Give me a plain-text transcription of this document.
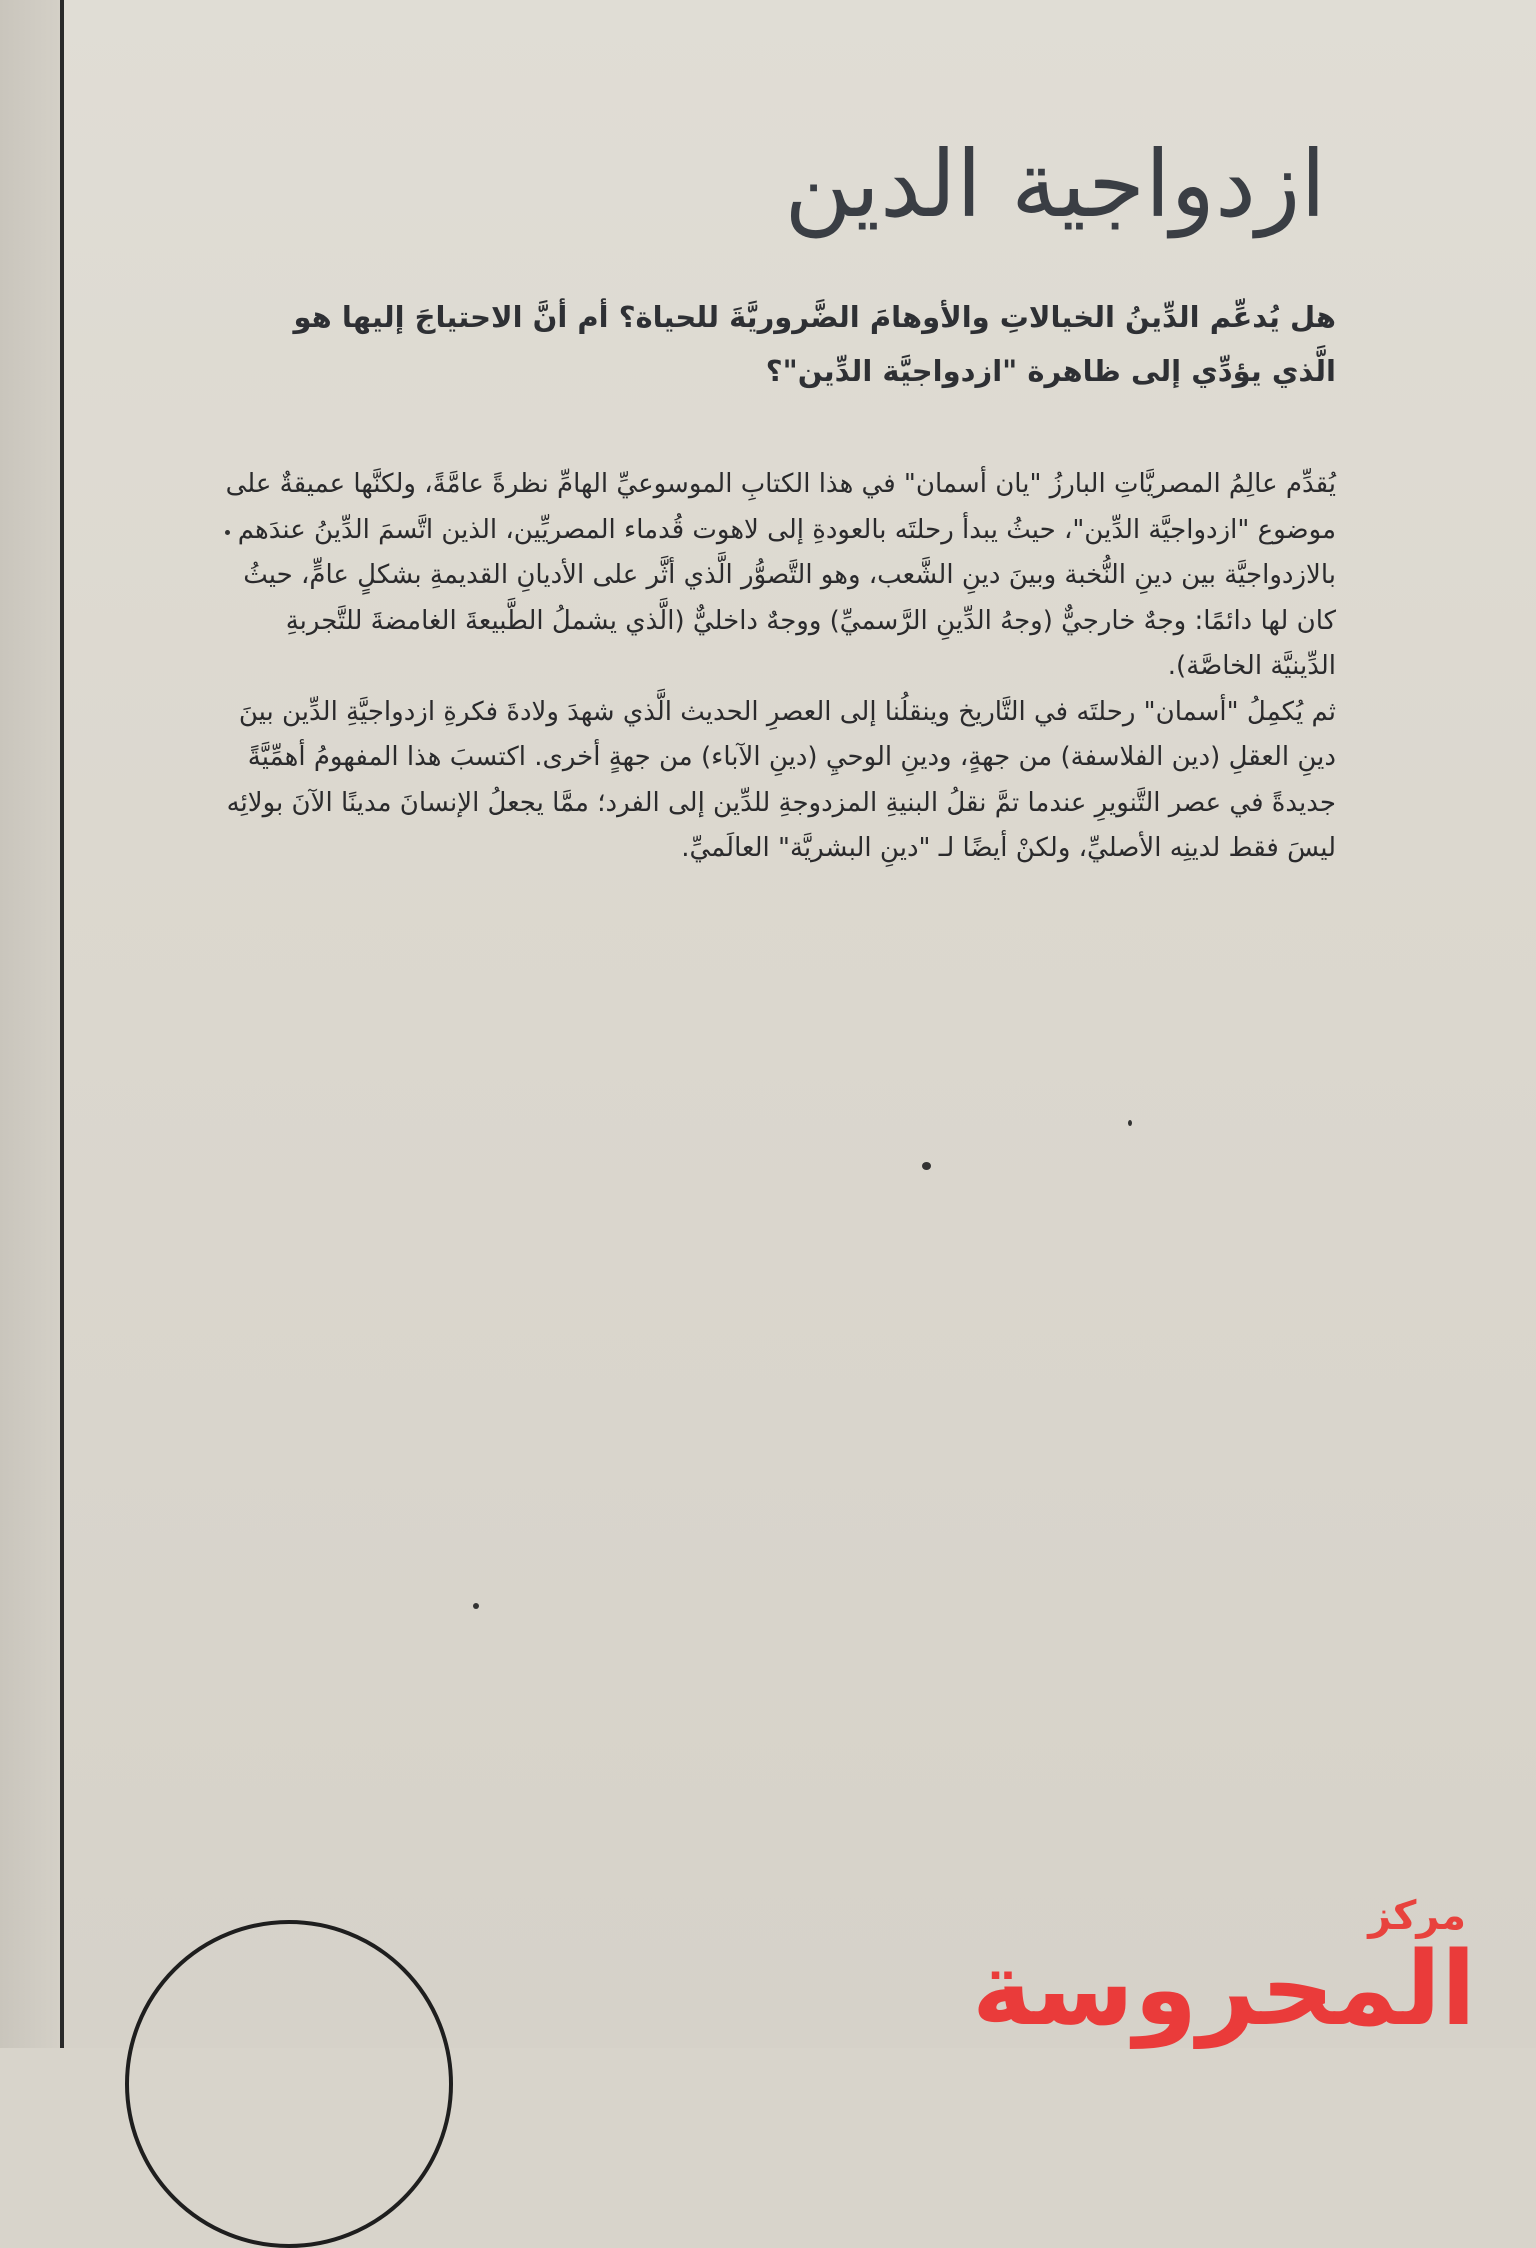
ازدواجية الدين

هل يُدعِّم الدِّينُ الخيالاتِ والأوهامَ الضَّروريَّةَ للحياة؟ أم أنَّ الاحتياجَ إليها هو الَّذي يؤدِّي إلى ظاهرة "ازدواجيَّة الدِّين"؟

يُقدِّم عالِمُ المصريَّاتِ البارزُ "يان أسمان" في هذا الكتابِ الموسوعيِّ الهامِّ نظرةً عامَّةً، ولكنَّها عميقةٌ على موضوع "ازدواجيَّة الدِّين"، حيثُ يبدأ رحلتَه بالعودةِ إلى لاهوت قُدماء المصريِّين، الذين اتَّسمَ الدِّينُ عندَهم بالازدواجيَّة بين دينِ النُّخبة وبينَ دينِ الشَّعب، وهو التَّصوُّر الَّذي أثَّر على الأديانِ القديمةِ بشكلٍ عامٍّ، حيثُ كان لها دائمًا: وجهٌ خارجيٌّ (وجهُ الدِّينِ الرَّسميِّ) ووجهٌ داخليٌّ (الَّذي يشملُ الطَّبيعةَ الغامضةَ للتَّجربةِ الدِّينيَّة الخاصَّة).

ثم يُكمِلُ "أسمان" رحلتَه في التَّاريخ وينقلُنا إلى العصرِ الحديث الَّذي شهدَ ولادةَ فكرةِ ازدواجيَّةِ الدِّين بينَ دينِ العقلِ (دين الفلاسفة) من جهةٍ، ودينِ الوحيِ (دينِ الآباء) من جهةٍ أخرى. اكتسبَ هذا المفهومُ أهمِّيَّةً جديدةً في عصر التَّنويرِ عندما تمَّ نقلُ البنيةِ المزدوجةِ للدِّين إلى الفرد؛ ممَّا يجعلُ الإنسانَ مدينًا الآنَ بولائِه ليسَ فقط لدينِه الأصليِّ، ولكنْ أيضًا لـ "دينِ البشريَّة" العالَميِّ.

مركز
المحروسة
